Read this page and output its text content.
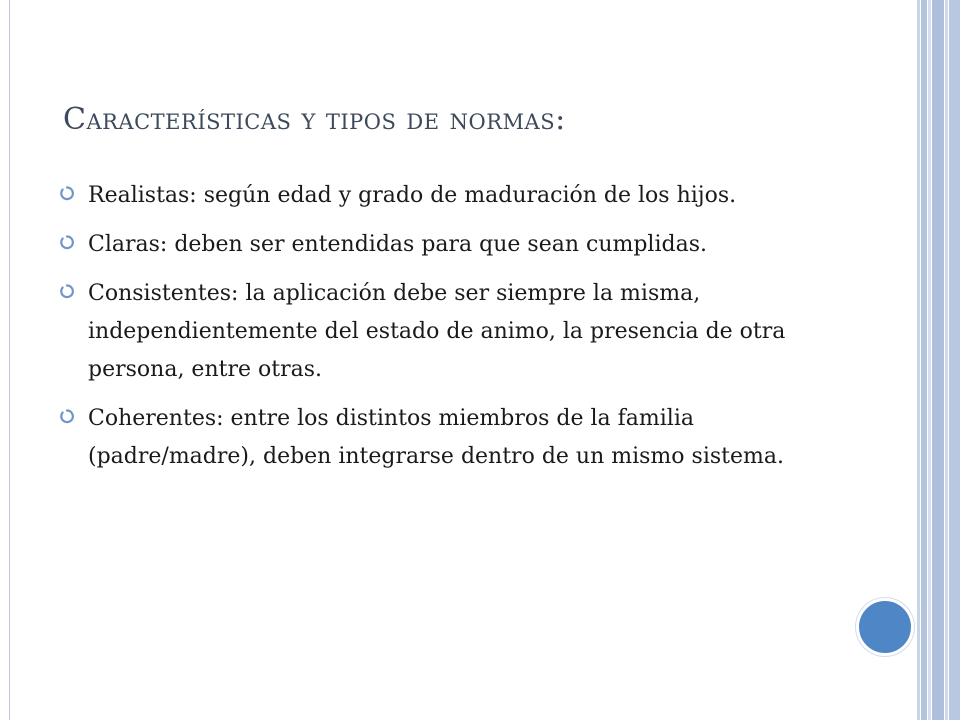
Características y tipos de normas:
Realistas: según edad y grado de maduración de los hijos.
Claras: deben ser entendidas para que sean cumplidas.
Consistentes: la aplicación debe ser siempre la misma, independientemente del estado de animo, la presencia de otra persona, entre otras.
Coherentes: entre los distintos miembros de la familia (padre/madre), deben integrarse dentro de un mismo sistema.
